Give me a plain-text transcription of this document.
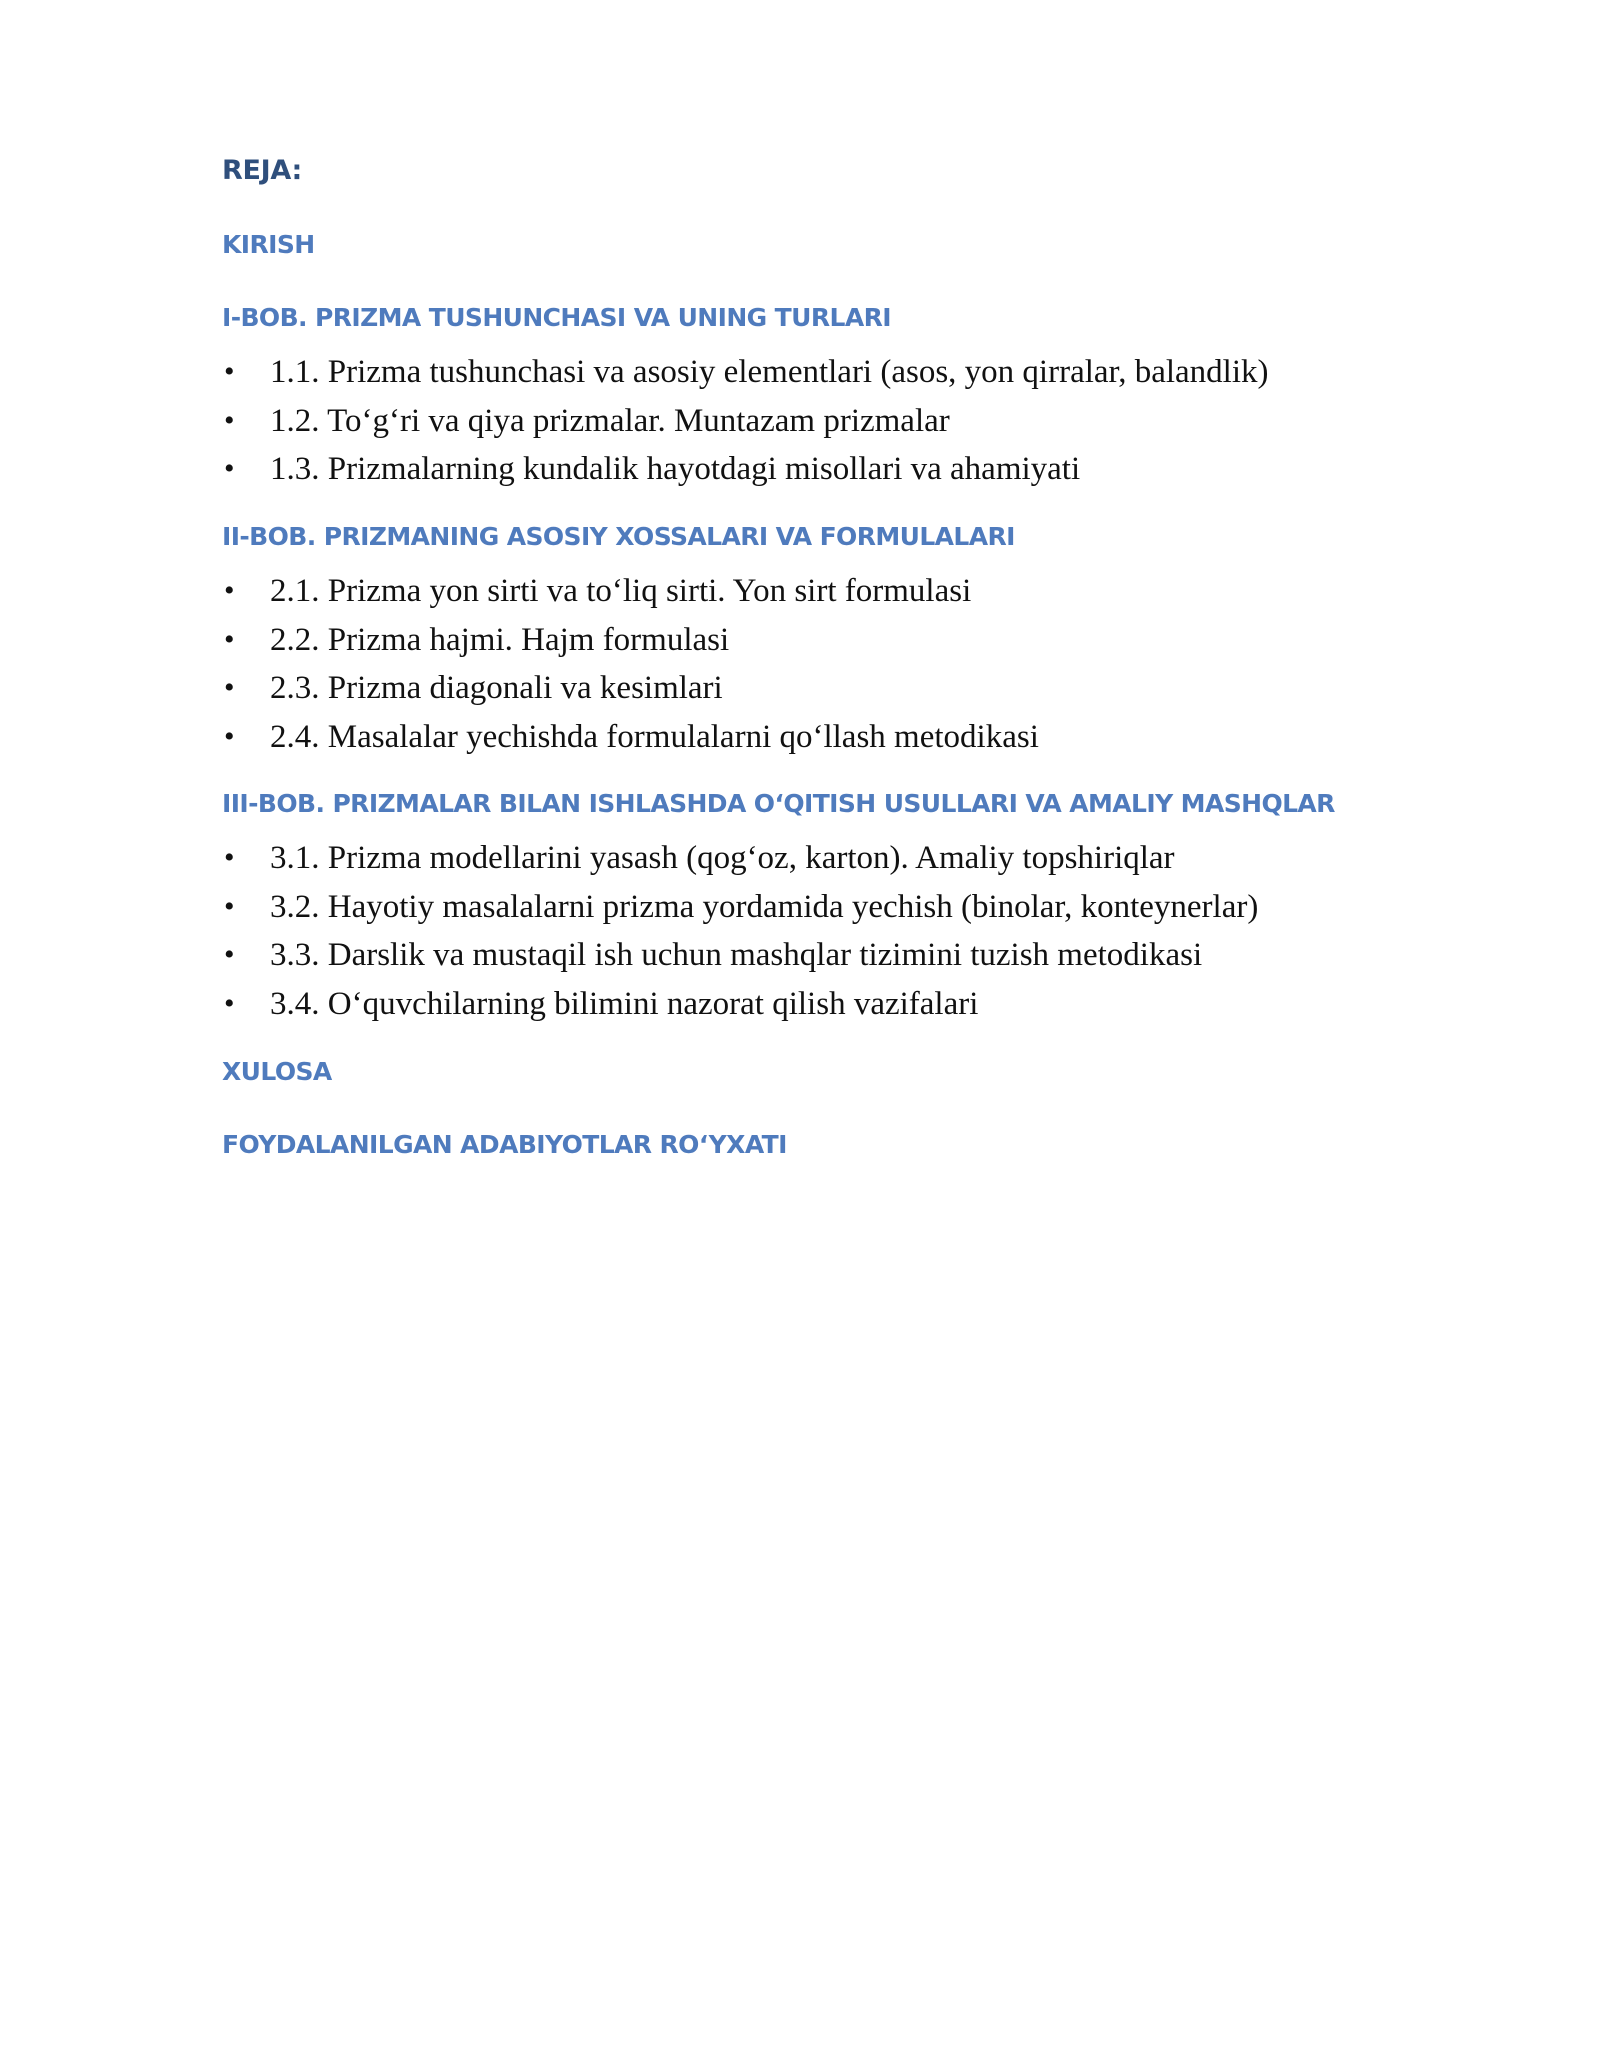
REJA:
KIRISH
I-BOB. PRIZMA TUSHUNCHASI VA UNING TURLARI
• 1.1. Prizma tushunchasi va asosiy elementlari (asos, yon qirralar, balandlik)
• 1.2. To‘g‘ri va qiya prizmalar. Muntazam prizmalar
• 1.3. Prizmalarning kundalik hayotdagi misollari va ahamiyati
II-BOB. PRIZMANING ASOSIY XOSSALARI VA FORMULALARI
• 2.1. Prizma yon sirti va to‘liq sirti. Yon sirt formulasi
• 2.2. Prizma hajmi. Hajm formulasi
• 2.3. Prizma diagonali va kesimlari
• 2.4. Masalalar yechishda formulalarni qo‘llash metodikasi
III-BOB. PRIZMALAR BILAN ISHLASHDA O‘QITISH USULLARI VA AMALIY MASHQLAR
• 3.1. Prizma modellarini yasash (qog‘oz, karton). Amaliy topshiriqlar
• 3.2. Hayotiy masalalarni prizma yordamida yechish (binolar, konteynerlar)
• 3.3. Darslik va mustaqil ish uchun mashqlar tizimini tuzish metodikasi
• 3.4. O‘quvchilarning bilimini nazorat qilish vazifalari
XULOSA
FOYDALANILGAN ADABIYOTLAR RO‘YXATI
